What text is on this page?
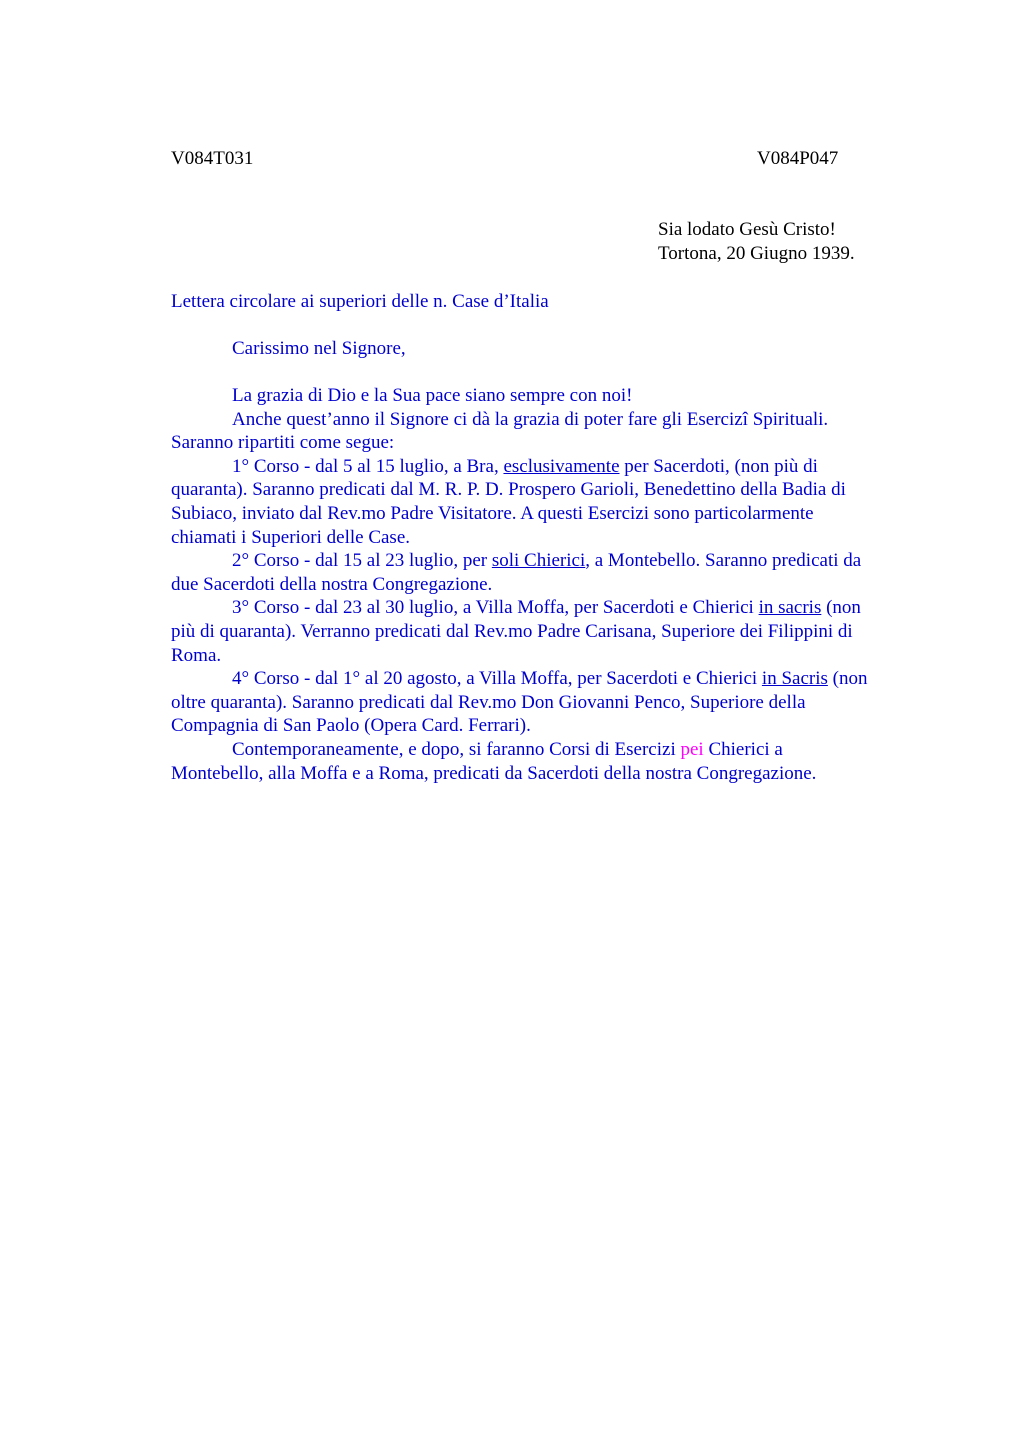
V084T031	V084P047
Sia lodato Gesù Cristo!
Tortona, 20 Giugno 1939.
Lettera circolare ai superiori delle n. Case d’Italia
Carissimo nel Signore,
La grazia di Dio e la Sua pace siano sempre con noi!
Anche quest’anno il Signore ci dà la grazia di poter fare gli Esercizî Spirituali.
Saranno ripartiti come segue:
1° Corso - dal 5 al 15 luglio, a Bra, esclusivamente per Sacerdoti, (non più di
quaranta). Saranno predicati dal M. R. P. D. Prospero Garioli, Benedettino della Badia di
Subiaco, inviato dal Rev.mo Padre Visitatore. A questi Esercizi sono particolarmente
chiamati i Superiori delle Case.
2° Corso - dal 15 al 23 luglio, per soli Chierici, a Montebello. Saranno predicati da
due Sacerdoti della nostra Congregazione.
3° Corso - dal 23 al 30 luglio, a Villa Moffa, per Sacerdoti e Chierici in sacris (non
più di quaranta). Verranno predicati dal Rev.mo Padre Carisana, Superiore dei Filippini di
Roma.
4° Corso - dal 1° al 20 agosto, a Villa Moffa, per Sacerdoti e Chierici in Sacris (non
oltre quaranta). Saranno predicati dal Rev.mo Don Giovanni Penco, Superiore della
Compagnia di San Paolo (Opera Card. Ferrari).
Contemporaneamente, e dopo, si faranno Corsi di Esercizi pei Chierici a
Montebello, alla Moffa e a Roma, predicati da Sacerdoti della nostra Congregazione.
